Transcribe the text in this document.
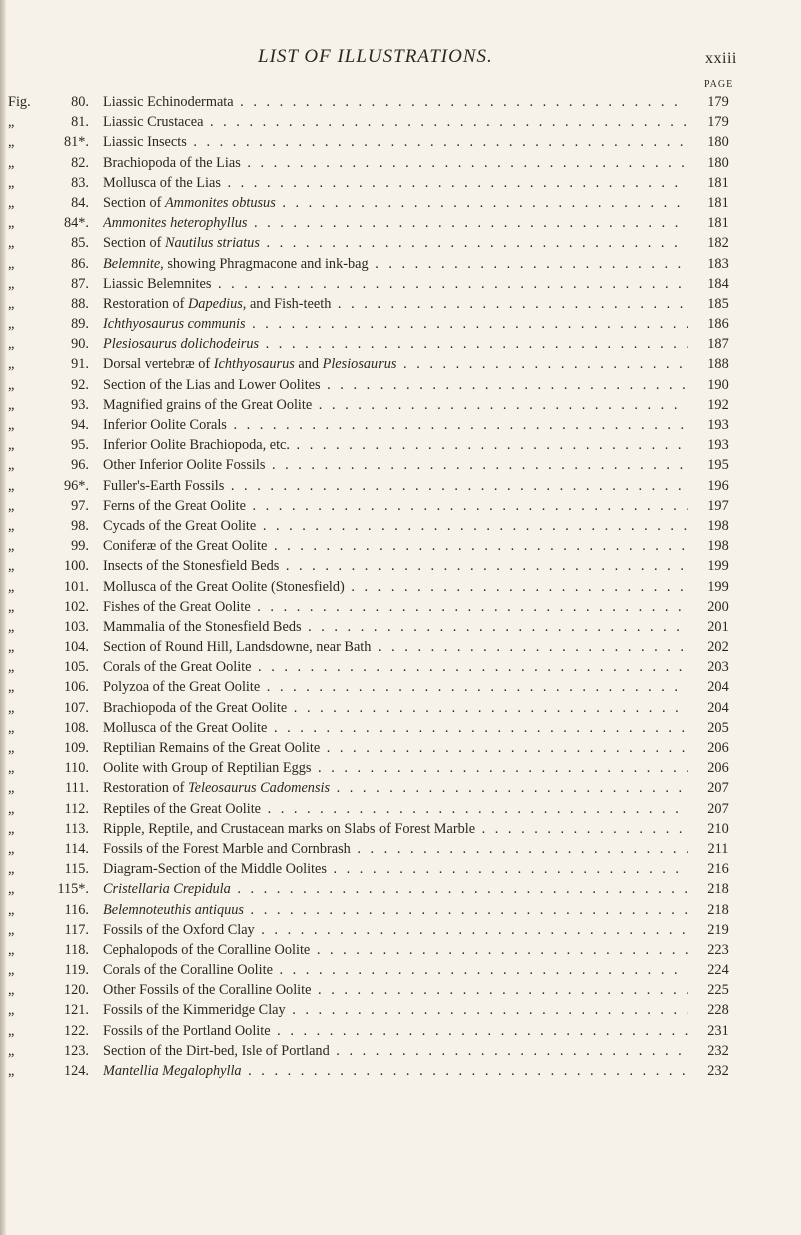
LIST OF ILLUSTRATIONS.	xxiii
PAGE
Fig.	80. Liassic Echinodermata . . .	179
„	81. Liassic Crustacea . . .	179
„	81*. Liassic Insects . . .	180
„	82. Brachiopoda of the Lias . . .	180
„	83. Mollusca of the Lias . . .	181
„	84. Section of Ammonites obtusus . . .	181
„	84*. Ammonites heterophyllus . . .	181
„	85. Section of Nautilus striatus . . .	182
„	86. Belemnite, showing Phragmacone and ink-bag . . .	183
„	87. Liassic Belemnites . . .	184
„	88. Restoration of Dapedius, and Fish-teeth . . .	185
„	89. Ichthyosaurus communis . . .	186
„	90. Plesiosaurus dolichodeirus . . .	187
„	91. Dorsal vertebræ of Ichthyosaurus and Plesiosaurus . . .	188
„	92. Section of the Lias and Lower Oolites . . .	190
„	93. Magnified grains of the Great Oolite . . .	192
„	94. Inferior Oolite Corals . . .	193
„	95. Inferior Oolite Brachiopoda, etc. . . .	193
„	96. Other Inferior Oolite Fossils . . .	195
„	96*. Fuller's-Earth Fossils . . .	196
„	97. Ferns of the Great Oolite . . .	197
„	98. Cycads of the Great Oolite . . .	198
„	99. Coniferæ of the Great Oolite . . .	198
„	100. Insects of the Stonesfield Beds . . .	199
„	101. Mollusca of the Great Oolite (Stonesfield) . . .	199
„	102. Fishes of the Great Oolite . . .	200
„	103. Mammalia of the Stonesfield Beds . . .	201
„	104. Section of Round Hill, Landsdowne, near Bath . . .	202
„	105. Corals of the Great Oolite . . .	203
„	106. Polyzoa of the Great Oolite . . .	204
„	107. Brachiopoda of the Great Oolite . . .	204
„	108. Mollusca of the Great Oolite . . .	205
„	109. Reptilian Remains of the Great Oolite . . .	206
„	110. Oolite with Group of Reptilian Eggs . . .	206
„	111. Restoration of Teleosaurus Cadomensis . . .	207
„	112. Reptiles of the Great Oolite . . .	207
„	113. Ripple, Reptile, and Crustacean marks on Slabs of Forest Marble . . .	210
„	114. Fossils of the Forest Marble and Cornbrash . . .	211
„	115. Diagram-Section of the Middle Oolites . . .	216
„	115*. Cristellaria Crepidula . . .	218
„	116. Belemnoteuthis antiquus . . .	218
„	117. Fossils of the Oxford Clay . . .	219
„	118. Cephalopods of the Coralline Oolite . . .	223
„	119. Corals of the Coralline Oolite . . .	224
„	120. Other Fossils of the Coralline Oolite . . .	225
„	121. Fossils of the Kimmeridge Clay . . .	228
„	122. Fossils of the Portland Oolite . . .	231
„	123. Section of the Dirt-bed, Isle of Portland . . .	232
„	124. Mantellia Megalophylla . . .	232
